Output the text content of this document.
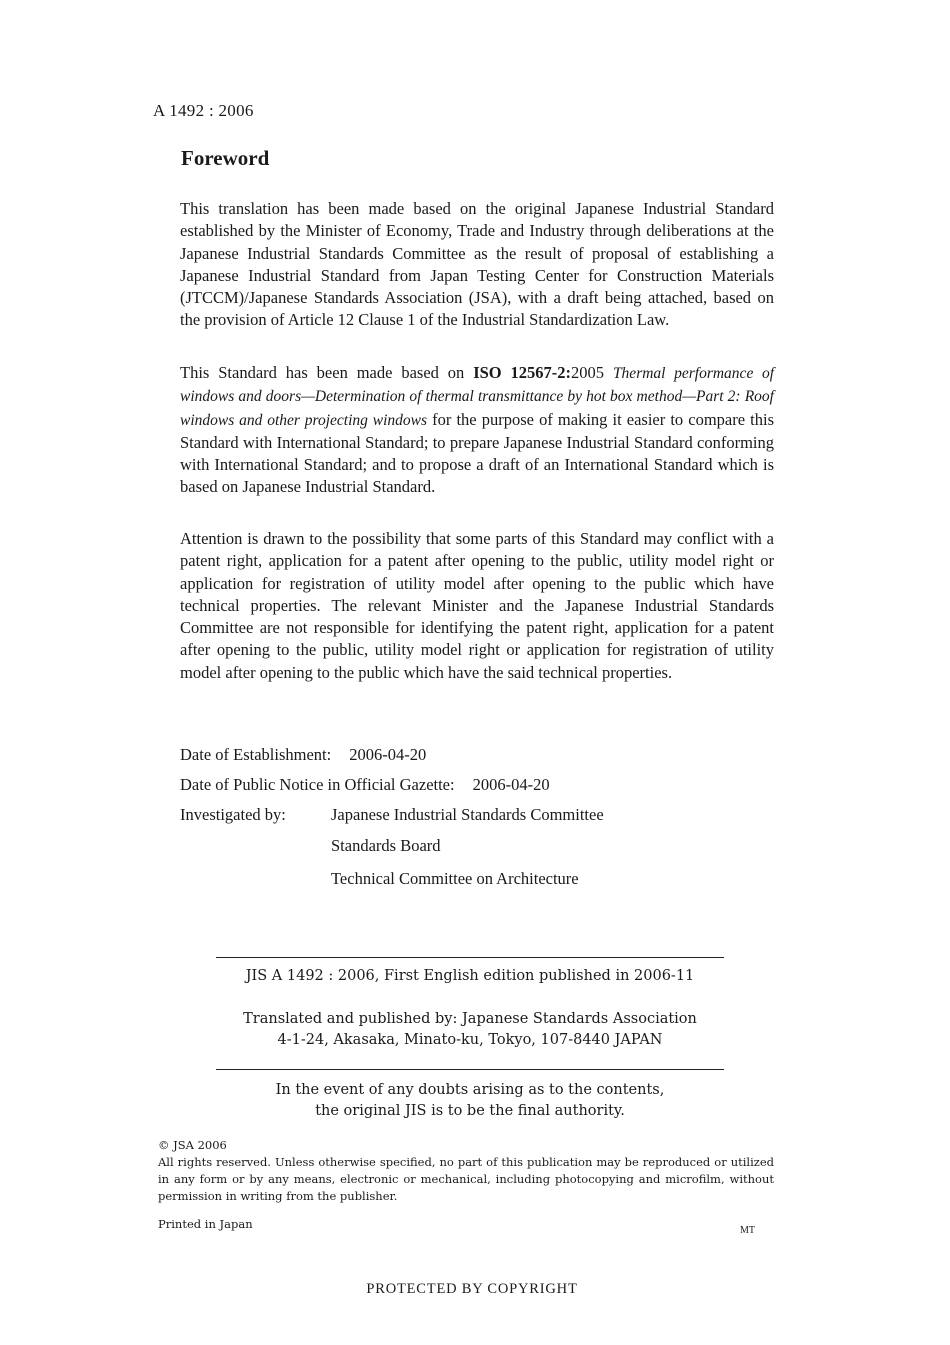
A 1492 : 2006
Foreword

This translation has been made based on the original Japanese Industrial Standard established by the Minister of Economy, Trade and Industry through deliberations at the Japanese Industrial Standards Committee as the result of proposal of establishing a Japanese Industrial Standard from Japan Testing Center for Construction Materials (JTCCM)/Japanese Standards Association (JSA), with a draft being attached, based on the provision of Article 12 Clause 1 of the Industrial Standardization Law.

This Standard has been made based on ISO 12567-2:2005 Thermal performance of windows and doors—Determination of thermal transmittance by hot box method—Part 2: Roof windows and other projecting windows for the purpose of making it easier to compare this Standard with International Standard; to prepare Japanese Industrial Standard conforming with International Standard; and to propose a draft of an International Standard which is based on Japanese Industrial Standard.

Attention is drawn to the possibility that some parts of this Standard may conflict with a patent right, application for a patent after opening to the public, utility model right or application for registration of utility model after opening to the public which have technical properties. The relevant Minister and the Japanese Industrial Standards Committee are not responsible for identifying the patent right, application for a patent after opening to the public, utility model right or application for registration of utility model after opening to the public which have the said technical properties.

Date of Establishment: 2006-04-20
Date of Public Notice in Official Gazette: 2006-04-20
Investigated by:	Japanese Industrial Standards Committee
Standards Board
Technical Committee on Architecture
JIS A 1492 : 2006, First English edition published in 2006-11
Translated and published by: Japanese Standards Association
4-1-24, Akasaka, Minato-ku, Tokyo, 107-8440 JAPAN
In the event of any doubts arising as to the contents,
the original JIS is to be the final authority.
© JSA 2006
All rights reserved. Unless otherwise specified, no part of this publication may be reproduced or utilized in any form or by any means, electronic or mechanical, including photocopying and microfilm, without permission in writing from the publisher.
Printed in Japan	MT
PROTECTED BY COPYRIGHT
